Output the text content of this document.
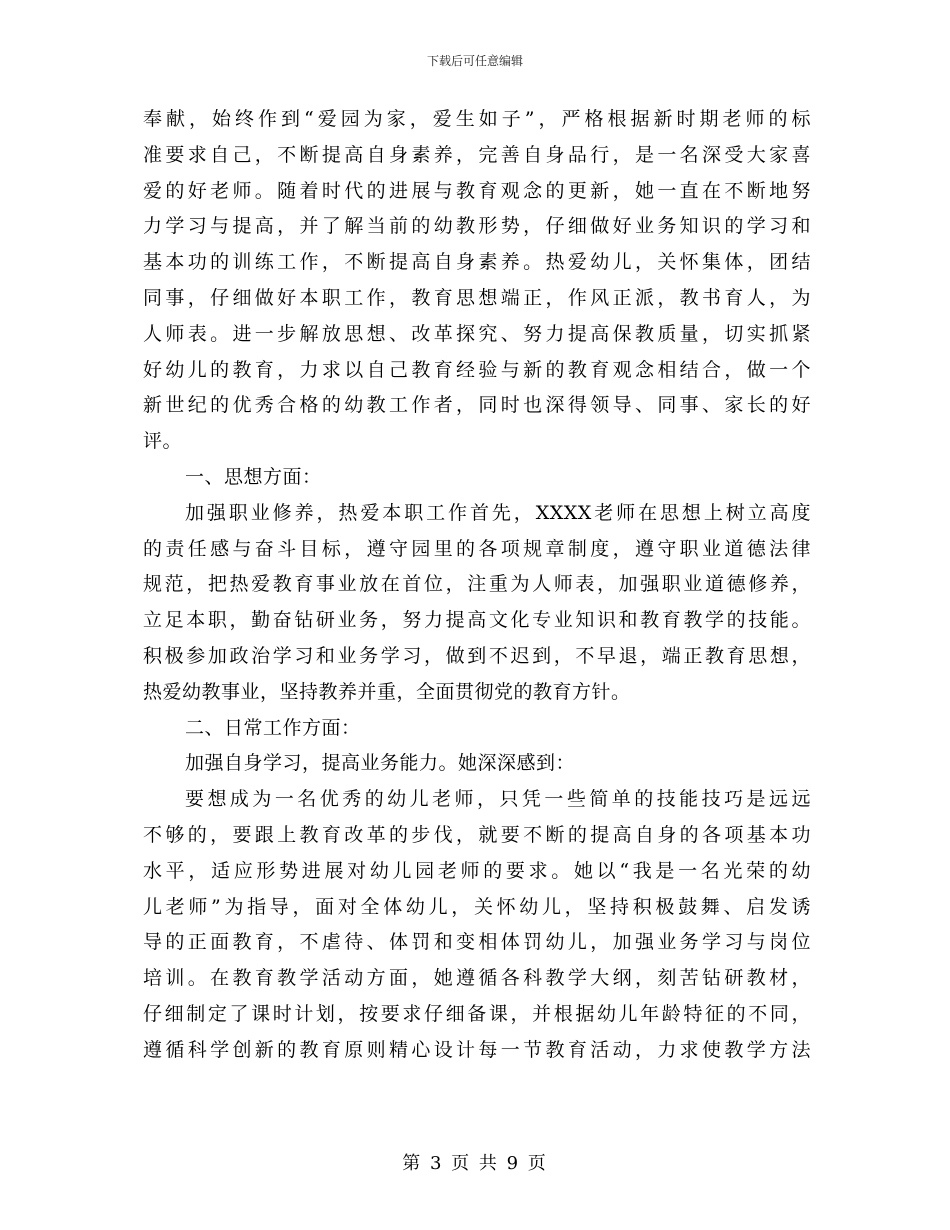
下载后可任意编辑
奉献，始终作到“爱园为家，爱生如子”，严格根据新时期老师的标
准要求自己，不断提高自身素养，完善自身品行，是一名深受大家喜
爱的好老师。随着时代的进展与教育观念的更新，她一直在不断地努
力学习与提高，并了解当前的幼教形势，仔细做好业务知识的学习和
基本功的训练工作，不断提高自身素养。热爱幼儿，关怀集体，团结
同事，仔细做好本职工作，教育思想端正，作风正派，教书育人，为
人师表。进一步解放思想、改革探究、努力提高保教质量，切实抓紧
好幼儿的教育，力求以自己教育经验与新的教育观念相结合，做一个
新世纪的优秀合格的幼教工作者，同时也深得领导、同事、家长的好
评。
一、思想方面：
加强职业修养，热爱本职工作首先，XXXX老师在思想上树立高度
的责任感与奋斗目标，遵守园里的各项规章制度，遵守职业道德法律
规范，把热爱教育事业放在首位，注重为人师表，加强职业道德修养，
立足本职，勤奋钻研业务，努力提高文化专业知识和教育教学的技能。
积极参加政治学习和业务学习，做到不迟到，不早退，端正教育思想，
热爱幼教事业，坚持教养并重，全面贯彻党的教育方针。
二、日常工作方面：
加强自身学习，提高业务能力。她深深感到：
要想成为一名优秀的幼儿老师，只凭一些简单的技能技巧是远远
不够的，要跟上教育改革的步伐，就要不断的提高自身的各项基本功
水平，适应形势进展对幼儿园老师的要求。她以“我是一名光荣的幼
儿老师”为指导，面对全体幼儿，关怀幼儿，坚持积极鼓舞、启发诱
导的正面教育，不虐待、体罚和变相体罚幼儿，加强业务学习与岗位
培训。在教育教学活动方面，她遵循各科教学大纲，刻苦钻研教材，
仔细制定了课时计划，按要求仔细备课，并根据幼儿年龄特征的不同，
遵循科学创新的教育原则精心设计每一节教育活动，力求使教学方法
第 3 页 共 9 页
